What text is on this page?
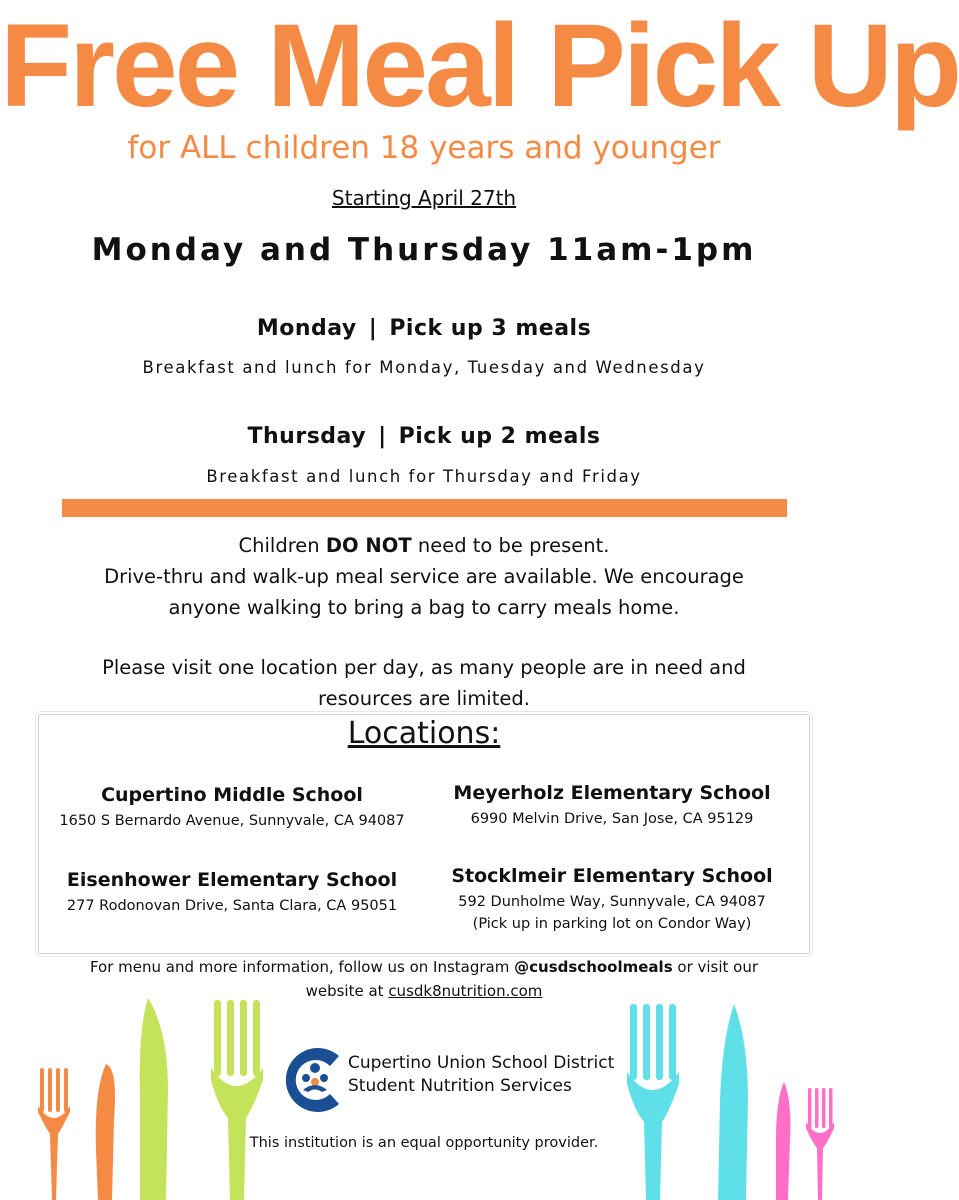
Free Meal Pick Up
for ALL children 18 years and younger
Starting April 27th
Monday and Thursday 11am-1pm
Monday | Pick up 3 meals
Breakfast and lunch for Monday, Tuesday and Wednesday
Thursday | Pick up 2 meals
Breakfast and lunch for Thursday and Friday
Children DO NOT need to be present.
Drive-thru and walk-up meal service are available. We encourage
anyone walking to bring a bag to carry meals home.
Please visit one location per day, as many people are in need and
resources are limited.
Locations:
Cupertino Middle School
1650 S Bernardo Avenue, Sunnyvale, CA 94087
Meyerholz Elementary School
6990 Melvin Drive, San Jose, CA 95129
Eisenhower Elementary School
277 Rodonovan Drive, Santa Clara, CA 95051
Stocklmeir Elementary School
592 Dunholme Way, Sunnyvale, CA 94087
(Pick up in parking lot on Condor Way)
For menu and more information, follow us on Instagram @cusdschoolmeals or visit our
website at cusdk8nutrition.com
Cupertino Union School District
Student Nutrition Services
This institution is an equal opportunity provider.
